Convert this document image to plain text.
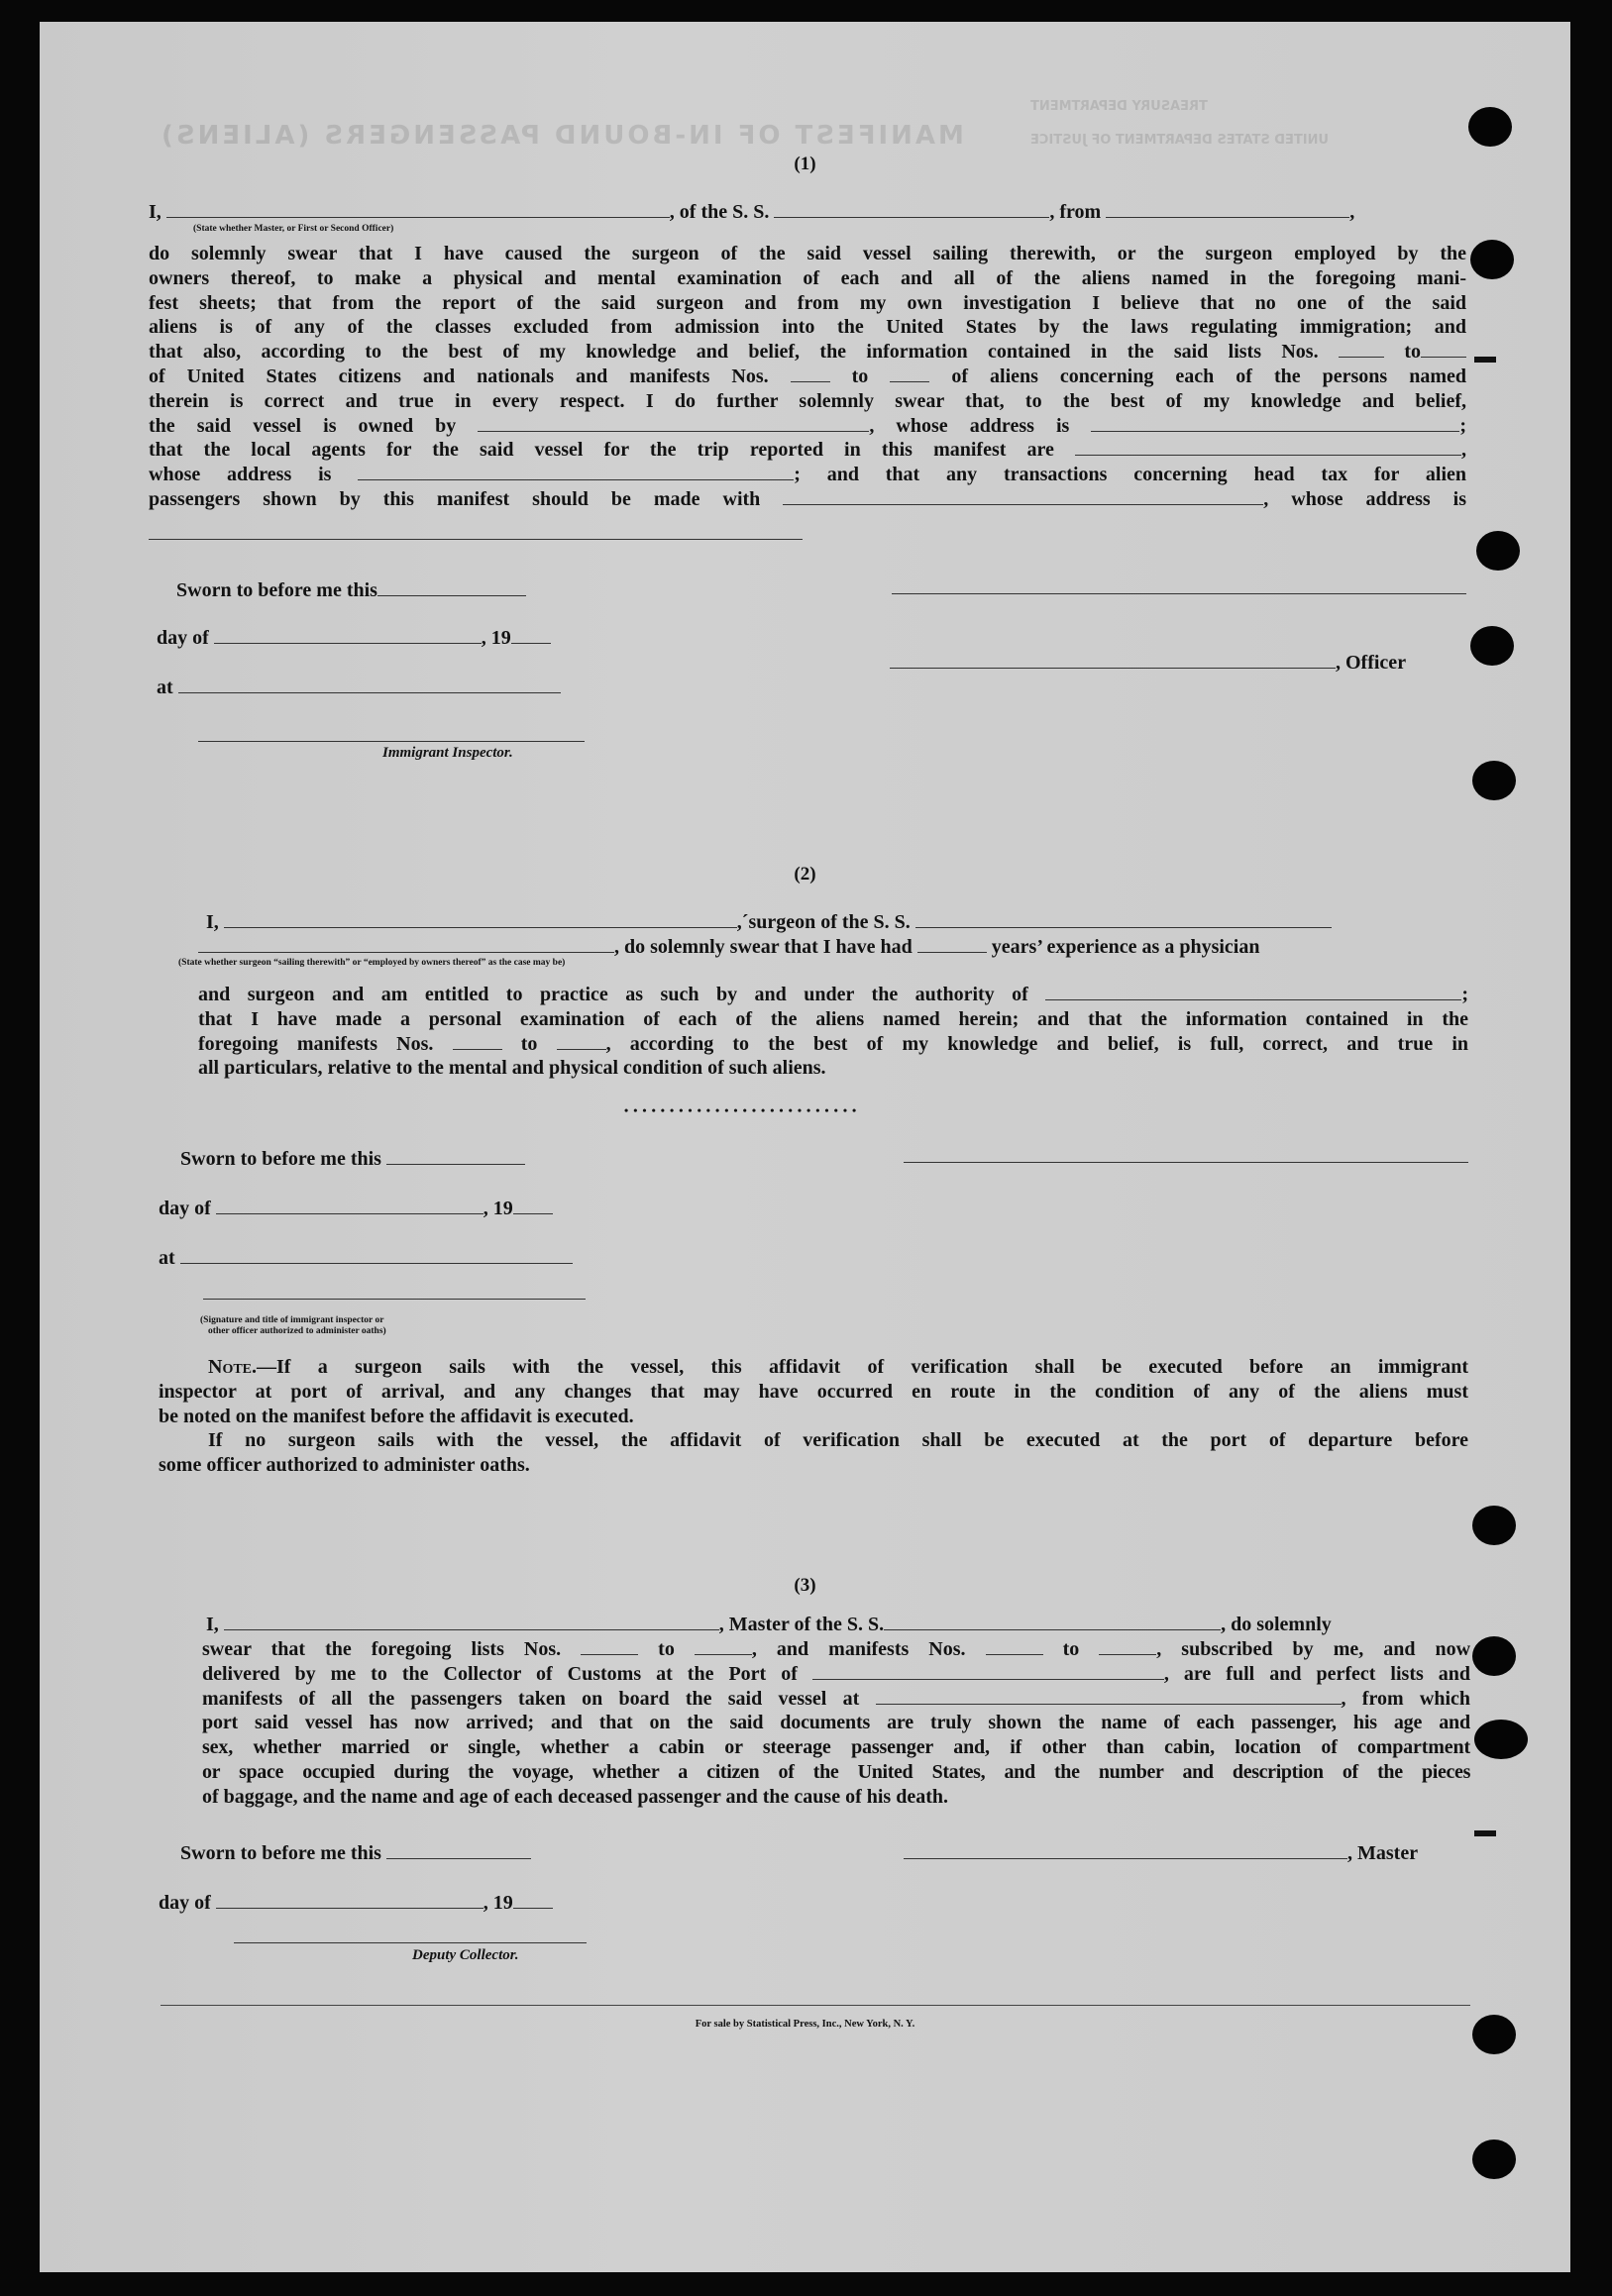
MANIFEST OF IN-BOUND PASSENGERS (ALIENS)
TREASURY DEPARTMENT
UNITED STATES DEPARTMENT OF JUSTICE
(1)
I,	, of the S. S.	, from	,
(State whether Master, or First or Second Officer)

do solemnly swear that I have caused the surgeon of the said vessel sailing therewith, or the surgeon employed by the

owners thereof, to make a physical and mental examination of each and all of the aliens named in the foregoing mani-

fest sheets; that from the report of the said surgeon and from my own investigation I believe that no one of the said

aliens is of any of the classes excluded from admission into the United States by the laws regulating immigration; and

that also, according to the best of my knowledge and belief, the information contained in the said lists Nos.	to

of United States citizens and nationals and manifests Nos.	to	of aliens concerning each of the persons named

therein is correct and true in every respect. I do further solemnly swear that, to the best of my knowledge and belief,

the said vessel is owned by	, whose address is	;

that the local agents for the said vessel for the trip reported in this manifest are	,

whose address is	; and that any transactions concerning head tax for alien

passengers shown by this manifest should be made with	, whose address is

Sworn to before me this
day of	, 19
, Officer
at
Immigrant Inspector.
(2)
I,	,´surgeon of the S. S.
, do solemnly swear that I have had	years’ experience as a physician
(State whether surgeon “sailing therewith” or “employed by owners thereof” as the case may be)

and surgeon and am entitled to practice as such by and under the authority of	;

that I have made a personal examination of each of the aliens named herein; and that the information contained in the

foregoing manifests Nos.	to	, according to the best of my knowledge and belief, is full, correct, and true in

all particulars, relative to the mental and physical condition of such aliens.

• • • • • • • • • • • • • • • • • • • • • • • • • •
Sworn to before me this
day of	, 19
at
(Signature and title of immigrant inspector or
other officer authorized to administer oaths)

Note.—If a surgeon sails with the vessel, this affidavit of verification shall be executed before an immigrant

inspector at port of arrival, and any changes that may have occurred en route in the condition of any of the aliens must

be noted on the manifest before the affidavit is executed.

If no surgeon sails with the vessel, the affidavit of verification shall be executed at the port of departure before

some officer authorized to administer oaths.

(3)
I,	, Master of the S. S.	, do solemnly

swear that the foregoing lists Nos.	to	, and manifests Nos.	to	, subscribed by me, and now

delivered by me to the Collector of Customs at the Port of	, are full and perfect lists and

manifests of all the passengers taken on board the said vessel at	, from which

port said vessel has now arrived; and that on the said documents are truly shown the name of each passenger, his age and

sex, whether married or single, whether a cabin or steerage passenger and, if other than cabin, location of compartment

or space occupied during the voyage, whether a citizen of the United States, and the number and description of the pieces

of baggage, and the name and age of each deceased passenger and the cause of his death.

Sworn to before me this	, Master
day of	, 19
Deputy Collector.
For sale by Statistical Press, Inc., New York, N. Y.
